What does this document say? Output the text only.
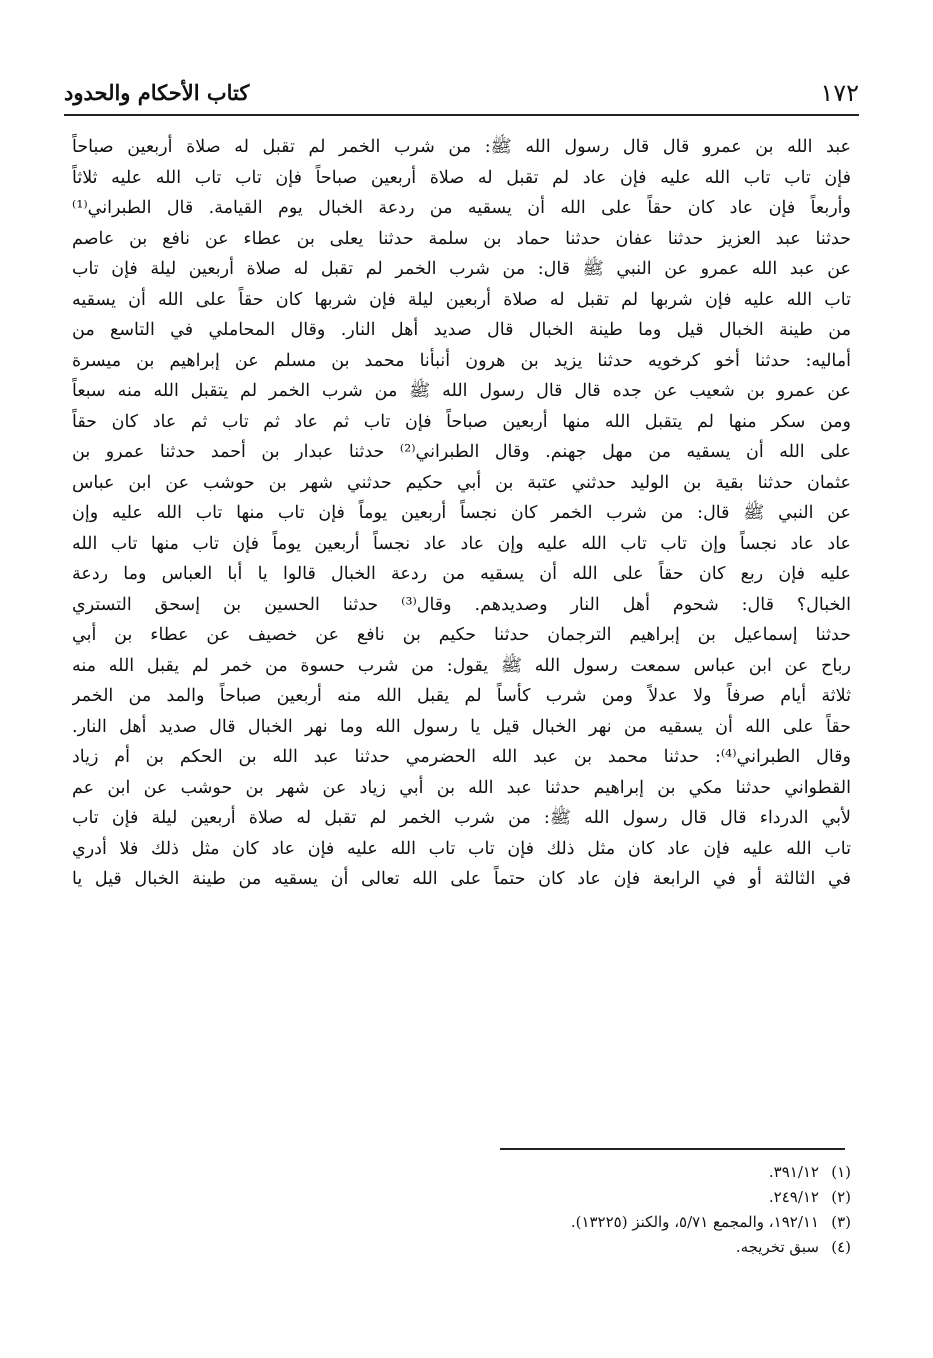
١٧٢
كتاب الأحكام والحدود
عبد الله بن عمرو قال قال رسول الله ﷺ: من شرب الخمر لم تقبل له صلاة أربعين صباحاً
فإن تاب تاب الله عليه فإن عاد لم تقبل له صلاة أربعين صباحاً فإن تاب تاب الله عليه ثلاثاً
وأربعاً فإن عاد كان حقاً على الله أن يسقيه من ردعة الخبال يوم القيامة. قال الطبراني⁽¹⁾
حدثنا عبد العزيز حدثنا عفان حدثنا حماد بن سلمة حدثنا يعلى بن عطاء عن نافع بن عاصم
عن عبد الله عمرو عن النبي ﷺ قال: من شرب الخمر لم تقبل له صلاة أربعين ليلة فإن تاب
تاب الله عليه فإن شربها لم تقبل له صلاة أربعين ليلة فإن شربها كان حقاً على الله أن يسقيه
من طينة الخبال قيل وما طينة الخبال قال صديد أهل النار. وقال المحاملي في التاسع من
أماليه: حدثنا أخو كرخويه حدثنا يزيد بن هرون أنبأنا محمد بن مسلم عن إبراهيم بن ميسرة
عن عمرو بن شعيب عن جده قال قال رسول الله ﷺ من شرب الخمر لم يتقبل الله منه سبعاً
ومن سكر منها لم يتقبل الله منها أربعين صباحاً فإن تاب ثم عاد ثم تاب ثم عاد كان حقاً
على الله أن يسقيه من مهل جهنم. وقال الطبراني⁽²⁾ حدثنا عبدار بن أحمد حدثنا عمرو بن
عثمان حدثنا بقية بن الوليد حدثني عتبة بن أبي حكيم حدثني شهر بن حوشب عن ابن عباس
عن النبي ﷺ قال: من شرب الخمر كان نجساً أربعين يوماً فإن تاب منها تاب الله عليه وإن
عاد عاد نجساً وإن تاب تاب الله عليه وإن عاد عاد نجساً أربعين يوماً فإن تاب منها تاب الله
عليه فإن ربع كان حقاً على الله أن يسقيه من ردعة الخبال قالوا يا أبا العباس وما ردعة
الخبال؟ قال: شحوم أهل النار وصديدهم. وقال⁽³⁾ حدثنا الحسين بن إسحق التستري
حدثنا إسماعيل بن إبراهيم الترجمان حدثنا حكيم بن نافع عن خصيف عن عطاء بن أبي
رباح عن ابن عباس سمعت رسول الله ﷺ يقول: من شرب حسوة من خمر لم يقبل الله منه
ثلاثة أيام صرفاً ولا عدلاً ومن شرب كأساً لم يقبل الله منه أربعين صباحاً والمد من الخمر
حقاً على الله أن يسقيه من نهر الخبال قيل يا رسول الله وما نهر الخبال قال صديد أهل النار.
وقال الطبراني⁽⁴⁾: حدثنا محمد بن عبد الله الحضرمي حدثنا عبد الله بن الحكم بن أم زياد
القطواني حدثنا مكي بن إبراهيم حدثنا عبد الله بن أبي زياد عن شهر بن حوشب عن ابن عم
لأبي الدرداء قال قال رسول الله ﷺ: من شرب الخمر لم تقبل له صلاة أربعين ليلة فإن تاب
تاب الله عليه فإن عاد كان مثل ذلك فإن تاب تاب الله عليه فإن عاد كان مثل ذلك فلا أدري
في الثالثة أو في الرابعة فإن عاد كان حتماً على الله تعالى أن يسقيه من طينة الخبال قيل يا
(١)٣٩١/١٢.
(٢)٢٤٩/١٢.
(٣)١٩٢/١١، والمجمع ٥/٧١، والكنز (١٣٢٢٥).
(٤)سبق تخريجه.
